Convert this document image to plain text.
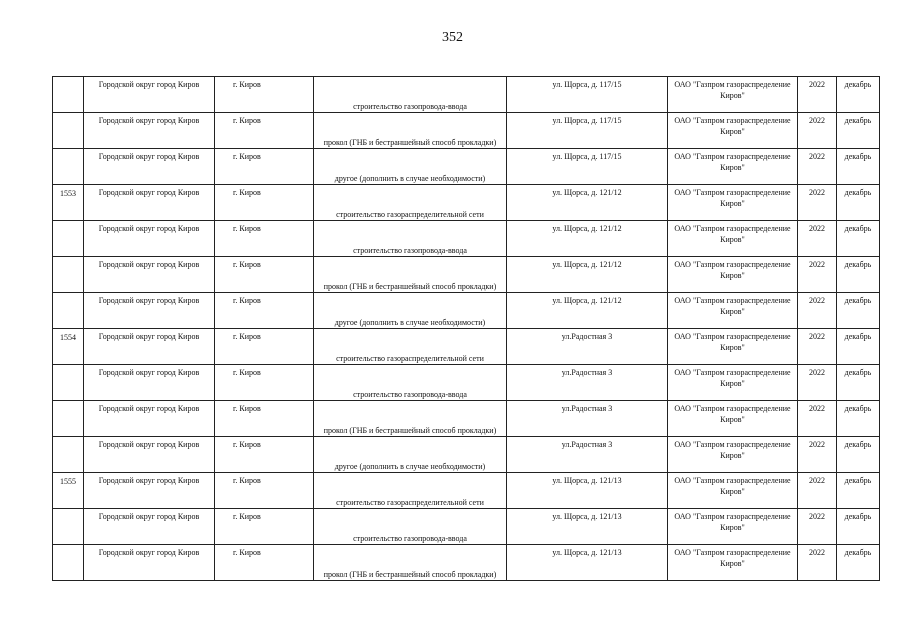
352
	Городской округ город Киров	г. Киров	строительство газопровода-ввода	ул. Щорса, д. 117/15	ОАО "Газпром газораспределение Киров"	2022	декабрь
	Городской округ город Киров	г. Киров	прокол (ГНБ и бестраншейный способ прокладки)	ул. Щорса, д. 117/15	ОАО "Газпром газораспределение Киров"	2022	декабрь
	Городской округ город Киров	г. Киров	другое (дополнить в случае необходимости)	ул. Щорса, д. 117/15	ОАО "Газпром газораспределение Киров"	2022	декабрь
1553	Городской округ город Киров	г. Киров	строительство газораспределительной сети	ул. Щорса, д. 121/12	ОАО "Газпром газораспределение Киров"	2022	декабрь
	Городской округ город Киров	г. Киров	строительство газопровода-ввода	ул. Щорса, д. 121/12	ОАО "Газпром газораспределение Киров"	2022	декабрь
	Городской округ город Киров	г. Киров	прокол (ГНБ и бестраншейный способ прокладки)	ул. Щорса, д. 121/12	ОАО "Газпром газораспределение Киров"	2022	декабрь
	Городской округ город Киров	г. Киров	другое (дополнить в случае необходимости)	ул. Щорса, д. 121/12	ОАО "Газпром газораспределение Киров"	2022	декабрь
1554	Городской округ город Киров	г. Киров	строительство газораспределительной сети	ул.Радостная 3	ОАО "Газпром газораспределение Киров"	2022	декабрь
	Городской округ город Киров	г. Киров	строительство газопровода-ввода	ул.Радостная 3	ОАО "Газпром газораспределение Киров"	2022	декабрь
	Городской округ город Киров	г. Киров	прокол (ГНБ и бестраншейный способ прокладки)	ул.Радостная 3	ОАО "Газпром газораспределение Киров"	2022	декабрь
	Городской округ город Киров	г. Киров	другое (дополнить в случае необходимости)	ул.Радостная 3	ОАО "Газпром газораспределение Киров"	2022	декабрь
1555	Городской округ город Киров	г. Киров	строительство газораспределительной сети	ул. Щорса, д. 121/13	ОАО "Газпром газораспределение Киров"	2022	декабрь
	Городской округ город Киров	г. Киров	строительство газопровода-ввода	ул. Щорса, д. 121/13	ОАО "Газпром газораспределение Киров"	2022	декабрь
	Городской округ город Киров	г. Киров	прокол (ГНБ и бестраншейный способ прокладки)	ул. Щорса, д. 121/13	ОАО "Газпром газораспределение Киров"	2022	декабрь
